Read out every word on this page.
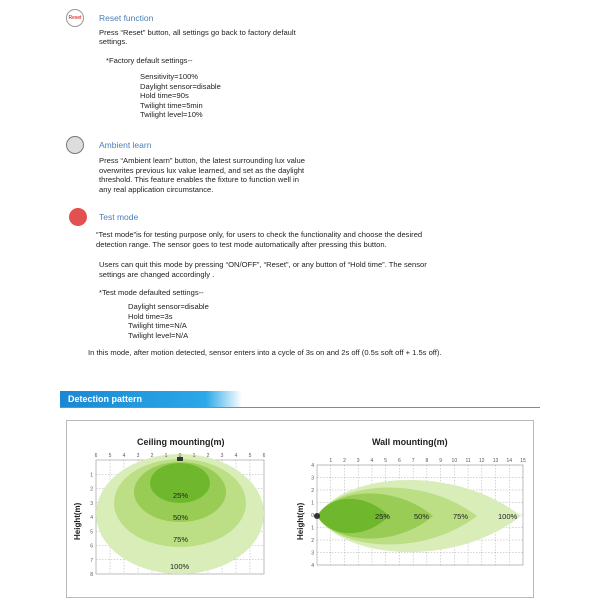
Reset Reset function
Press “Reset” button, all settings go back to factory default
settings.
*Factory default settings--
Sensitivity=100%
Daylight sensor=disable
Hold time=90s
Twilight time=5min
Twilight level=10%
Ambient learn
Press “Ambient learn” button, the latest surrounding lux value
overwrites previous lux value learned, and set as the daylight
threshold. This feature enables the fixture to function well in
any real application circumstance.
Test mode
“Test mode”is for testing purpose only, for users to check the functionality and choose the desired
detection range. The sensor goes to test mode automatically after pressing this button.
Users can quit this mode by pressing “ON/OFF”, “Reset”, or any button of “Hold time”. The sensor
settings are changed accordingly .
*Test mode defaulted settings--
Daylight sensor=disable
Hold time=3s
Twilight time=N/A
Twilight level=N/A
In this mode, after motion detected, sensor enters into a cycle of 3s on and 2s off (0.5s soft off + 1.5s off).
Detection pattern
Ceiling mounting(m)
Height(m)
6 5 4 3 2 1 0 1 2 3 4 5 6
1
2
3
4
5
6
7
8
25%
50%
75%
100%
Wall mounting(m)
Height(m)
1 2 3 4 5 6 7 8 9 10 11 12 13 14 15
4
3
2
1
0
1
2
3
4
25%	50%	75%	100%
